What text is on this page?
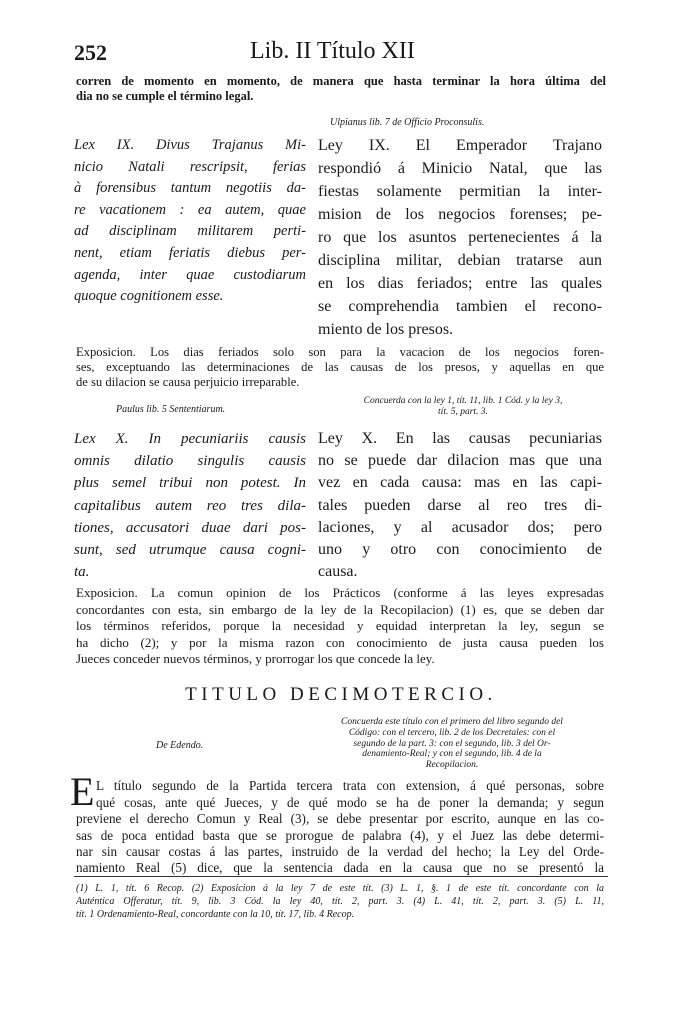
252	Lib. II Título XII
corren de momento en momento, de manera que hasta terminar la hora última del
dia no se cumple el término legal.
Ulpianus lib. 7 de Officio Proconsulis.
Lex IX. Divus Trajanus Mi-
nicio Natali rescripsit, ferias
à forensibus tantum negotiis da-
re vacationem : ea autem, quae
ad disciplinam militarem perti-
nent, etiam feriatis diebus per-
agenda, inter quae custodiarum
quoque cognitionem esse.
Ley IX. El Emperador Trajano
respondió á Minicio Natal, que las
fiestas solamente permitian la inter-
mision de los negocios forenses; pe-
ro que los asuntos pertenecientes á la
disciplina militar, debian tratarse aun
en los dias feriados; entre las quales
se comprehendia tambien el recono-
miento de los presos.
Exposicion. Los dias feriados solo son para la vacacion de los negocios foren-
ses, exceptuando las determinaciones de las causas de los presos, y aquellas en que
de su dilacion se causa perjuicio irreparable.
Paulus lib. 5 Sententiarum.
Concuerda con la ley 1, tít. 11, lib. 1 Cód. y la ley 3,
tít. 5, part. 3.
Lex X. In pecuniariis causis
omnis dilatio singulis causis
plus semel tribui non potest. In
capitalibus autem reo tres dila-
tiones, accusatori duae dari pos-
sunt, sed utrumque causa cogni-
ta.
Ley X. En las causas pecuniarias
no se puede dar dilacion mas que una
vez en cada causa: mas en las capi-
tales pueden darse al reo tres di-
laciones, y al acusador dos; pero
uno y otro con conocimiento de
causa.
Exposicion. La comun opinion de los Prácticos (conforme á las leyes expresadas
concordantes con esta, sin embargo de la ley de la Recopilacion) (1) es, que se deben dar
los términos referidos, porque la necesidad y equidad interpretan la ley, segun se
ha dicho (2); y por la misma razon con conocimiento de justa causa pueden los
Jueces conceder nuevos términos, y prorrogar los que concede la ley.
TITULO DECIMOTERCIO.
De Edendo.
Concuerda este título con el primero del libro segundo del
Código: con el tercero, lib. 2 de los Decretales: con el
segundo de la part. 3: con el segundo, lib. 3 del Or-
denamiento-Real; y con el segundo, lib. 4 de la
Recopilacion.
E L título segundo de la Partida tercera trata con extension, á qué personas, sobre
qué cosas, ante qué Jueces, y de qué modo se ha de poner la demanda; y segun
previene el derecho Comun y Real (3), se debe presentar por escrito, aunque en las co-
sas de poca entidad basta que se prorogue de palabra (4), y el Juez las debe determi-
nar sin causar costas á las partes, instruido de la verdad del hecho; la Ley del Orde-
namiento Real (5) dice, que la sentencia dada en la causa que no se presentó la
(1) L. 1, tít. 6 Recop. (2) Exposicion á la ley 7 de este tít. (3) L. 1, §. 1 de este tít. concordante con la
Auténtica Offeratur, tít. 9, lib. 3 Cód. la ley 40, tít. 2, part. 3. (4) L. 41, tít. 2, part. 3. (5) L. 11,
tít. 1 Ordenamiento-Real, concordante con la 10, tít. 17, lib. 4 Recop.
